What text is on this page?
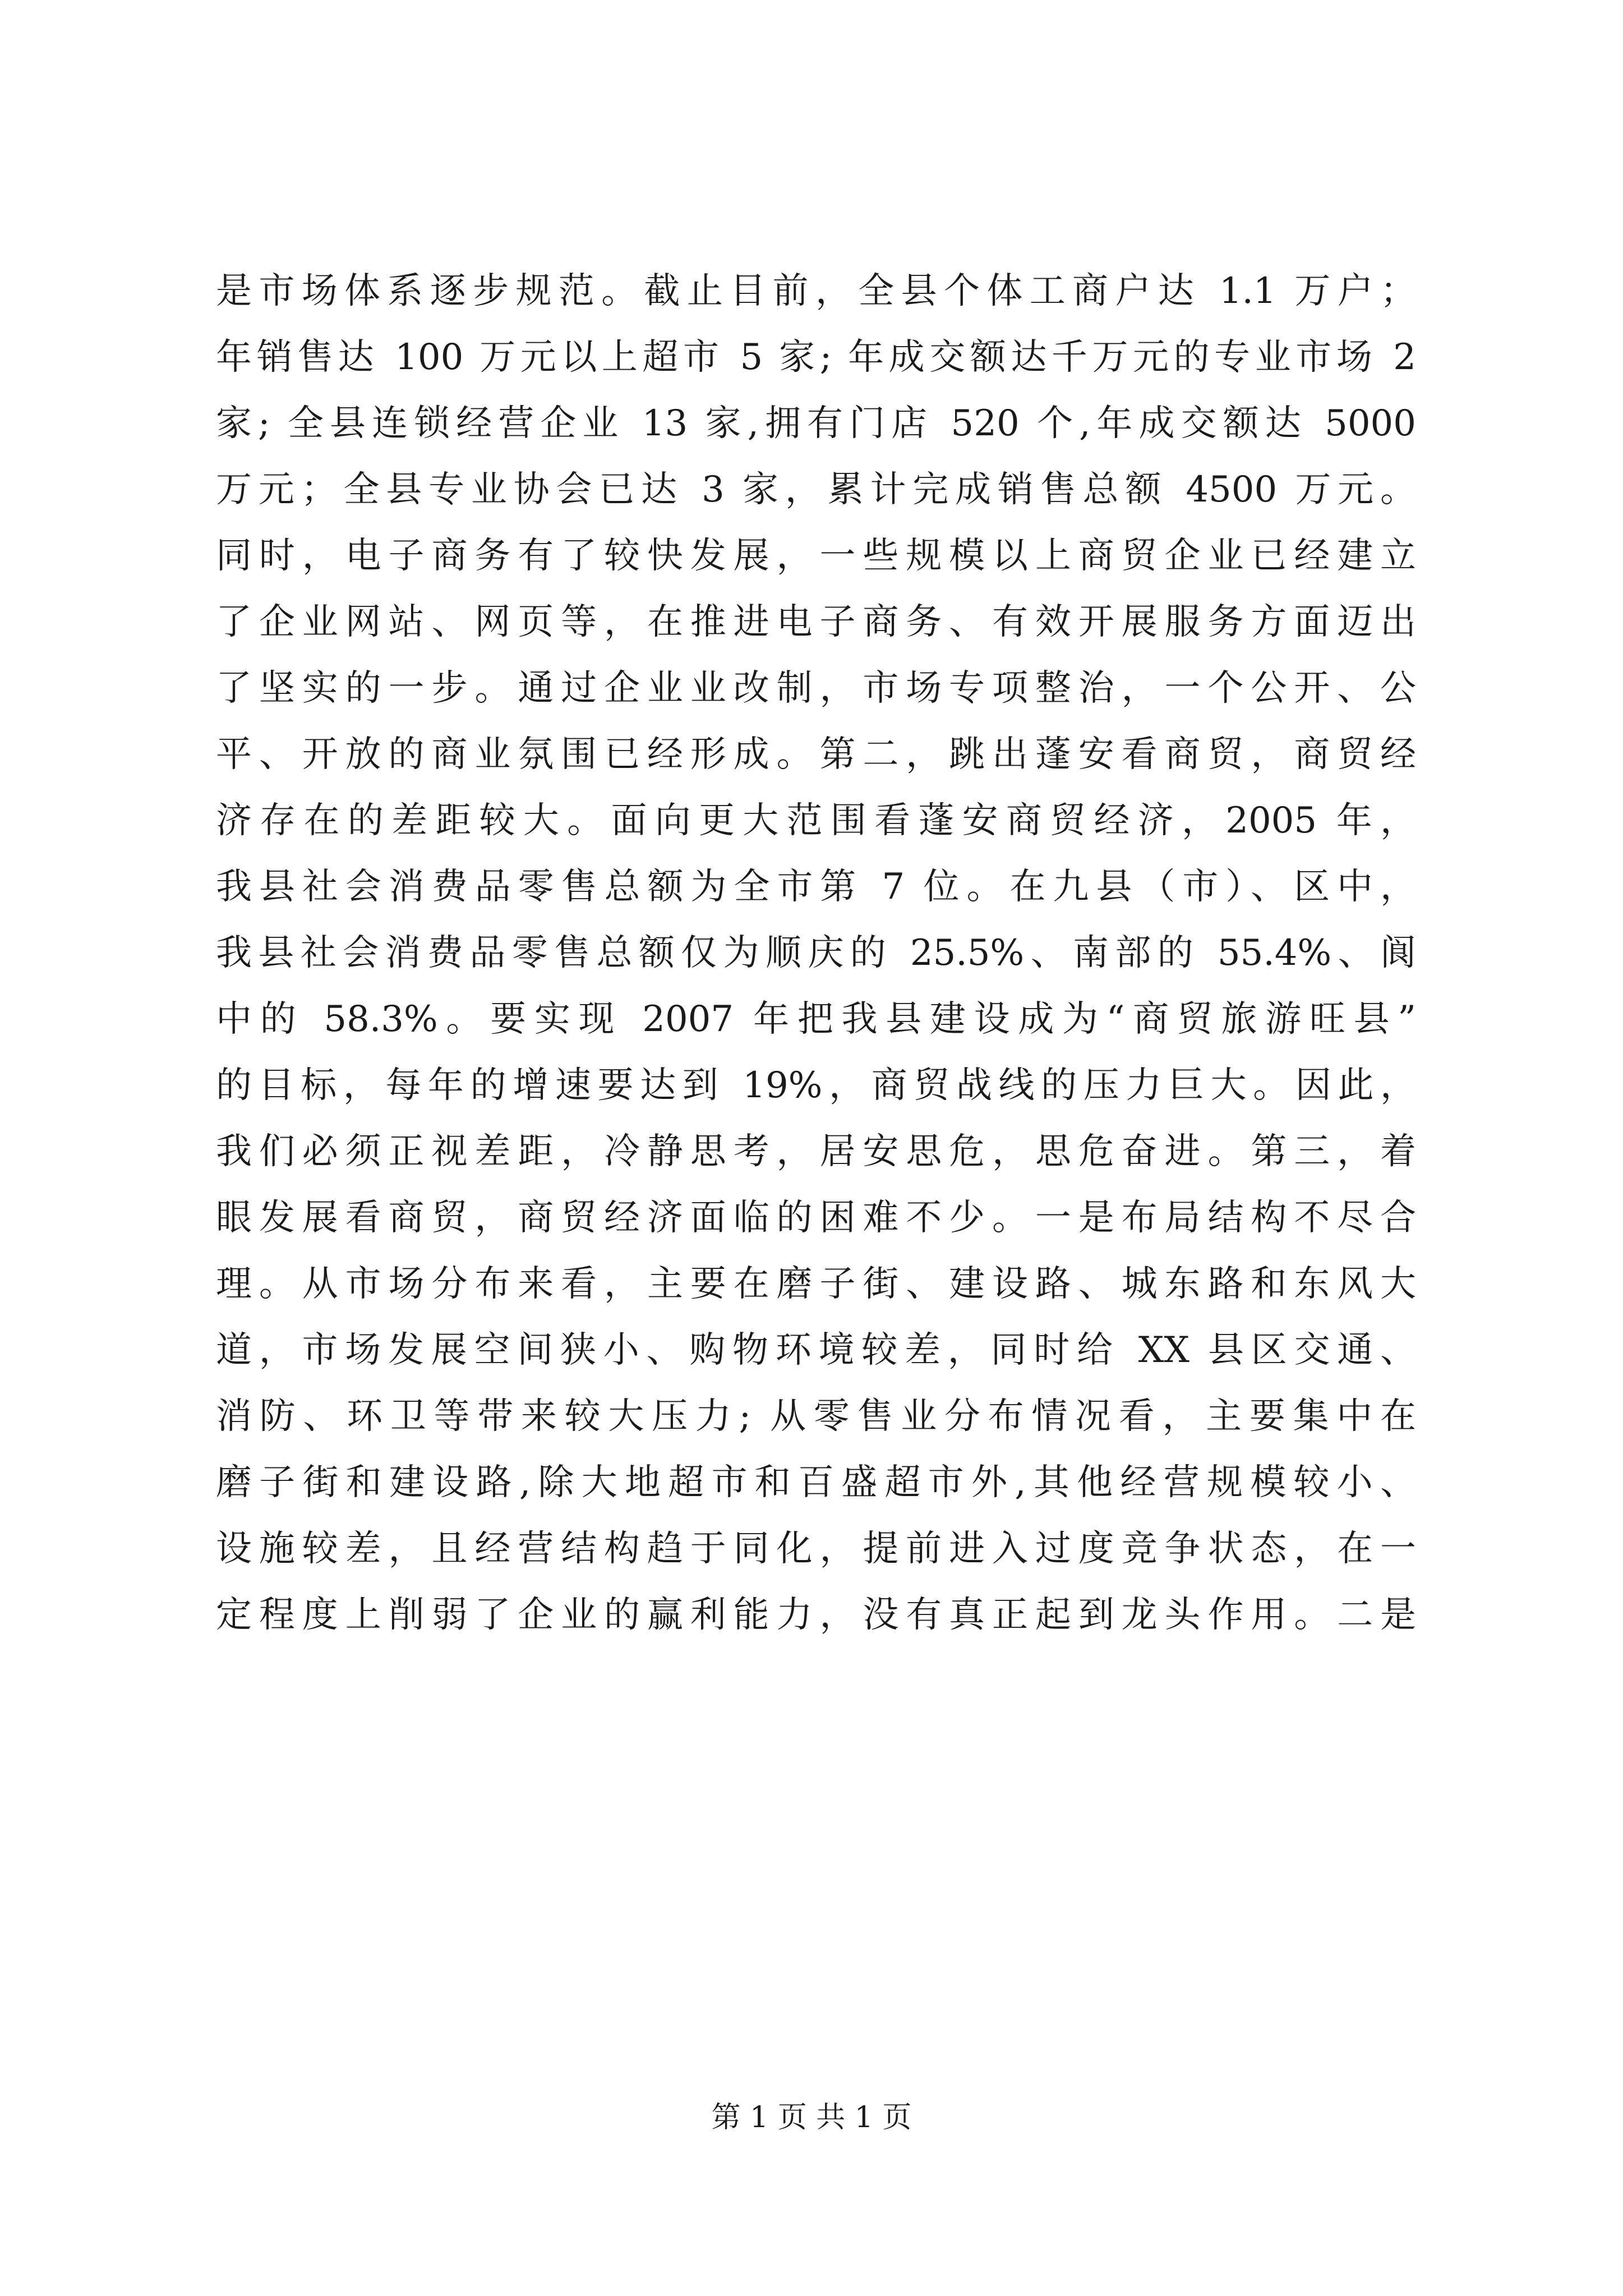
是市场体系逐步规范。截止目前，全县个体工商户达 1.1 万户；
年销售达 100 万元以上超市 5 家; 年成交额达千万元的专业市场 2
家; 全县连锁经营企业 13 家,拥有门店 520 个,年成交额达 5000
万元；全县专业协会已达 3 家，累计完成销售总额 4500 万元。
同时，电子商务有了较快发展，一些规模以上商贸企业已经建立
了企业网站、网页等，在推进电子商务、有效开展服务方面迈出
了坚实的一步。通过企业业改制，市场专项整治，一个公开、公
平、开放的商业氛围已经形成。第二，跳出蓬安看商贸，商贸经
济存在的差距较大。面向更大范围看蓬安商贸经济，2005 年，
我县社会消费品零售总额为全市第 7 位。在九县（市）、区中，
我县社会消费品零售总额仅为顺庆的 25.5%、南部的 55.4%、阆
中的 58.3%。要实现 2007 年把我县建设成为“商贸旅游旺县”
的目标，每年的增速要达到 19%，商贸战线的压力巨大。因此，
我们必须正视差距，冷静思考，居安思危，思危奋进。第三，着
眼发展看商贸，商贸经济面临的困难不少。一是布局结构不尽合
理。从市场分布来看，主要在磨子街、建设路、城东路和东风大
道，市场发展空间狭小、购物环境较差，同时给 XX 县区交通、
消防、环卫等带来较大压力; 从零售业分布情况看，主要集中在
磨子街和建设路,除大地超市和百盛超市外,其他经营规模较小、
设施较差，且经营结构趋于同化，提前进入过度竞争状态，在一
定程度上削弱了企业的赢利能力，没有真正起到龙头作用。二是
第 1 页 共 1 页
